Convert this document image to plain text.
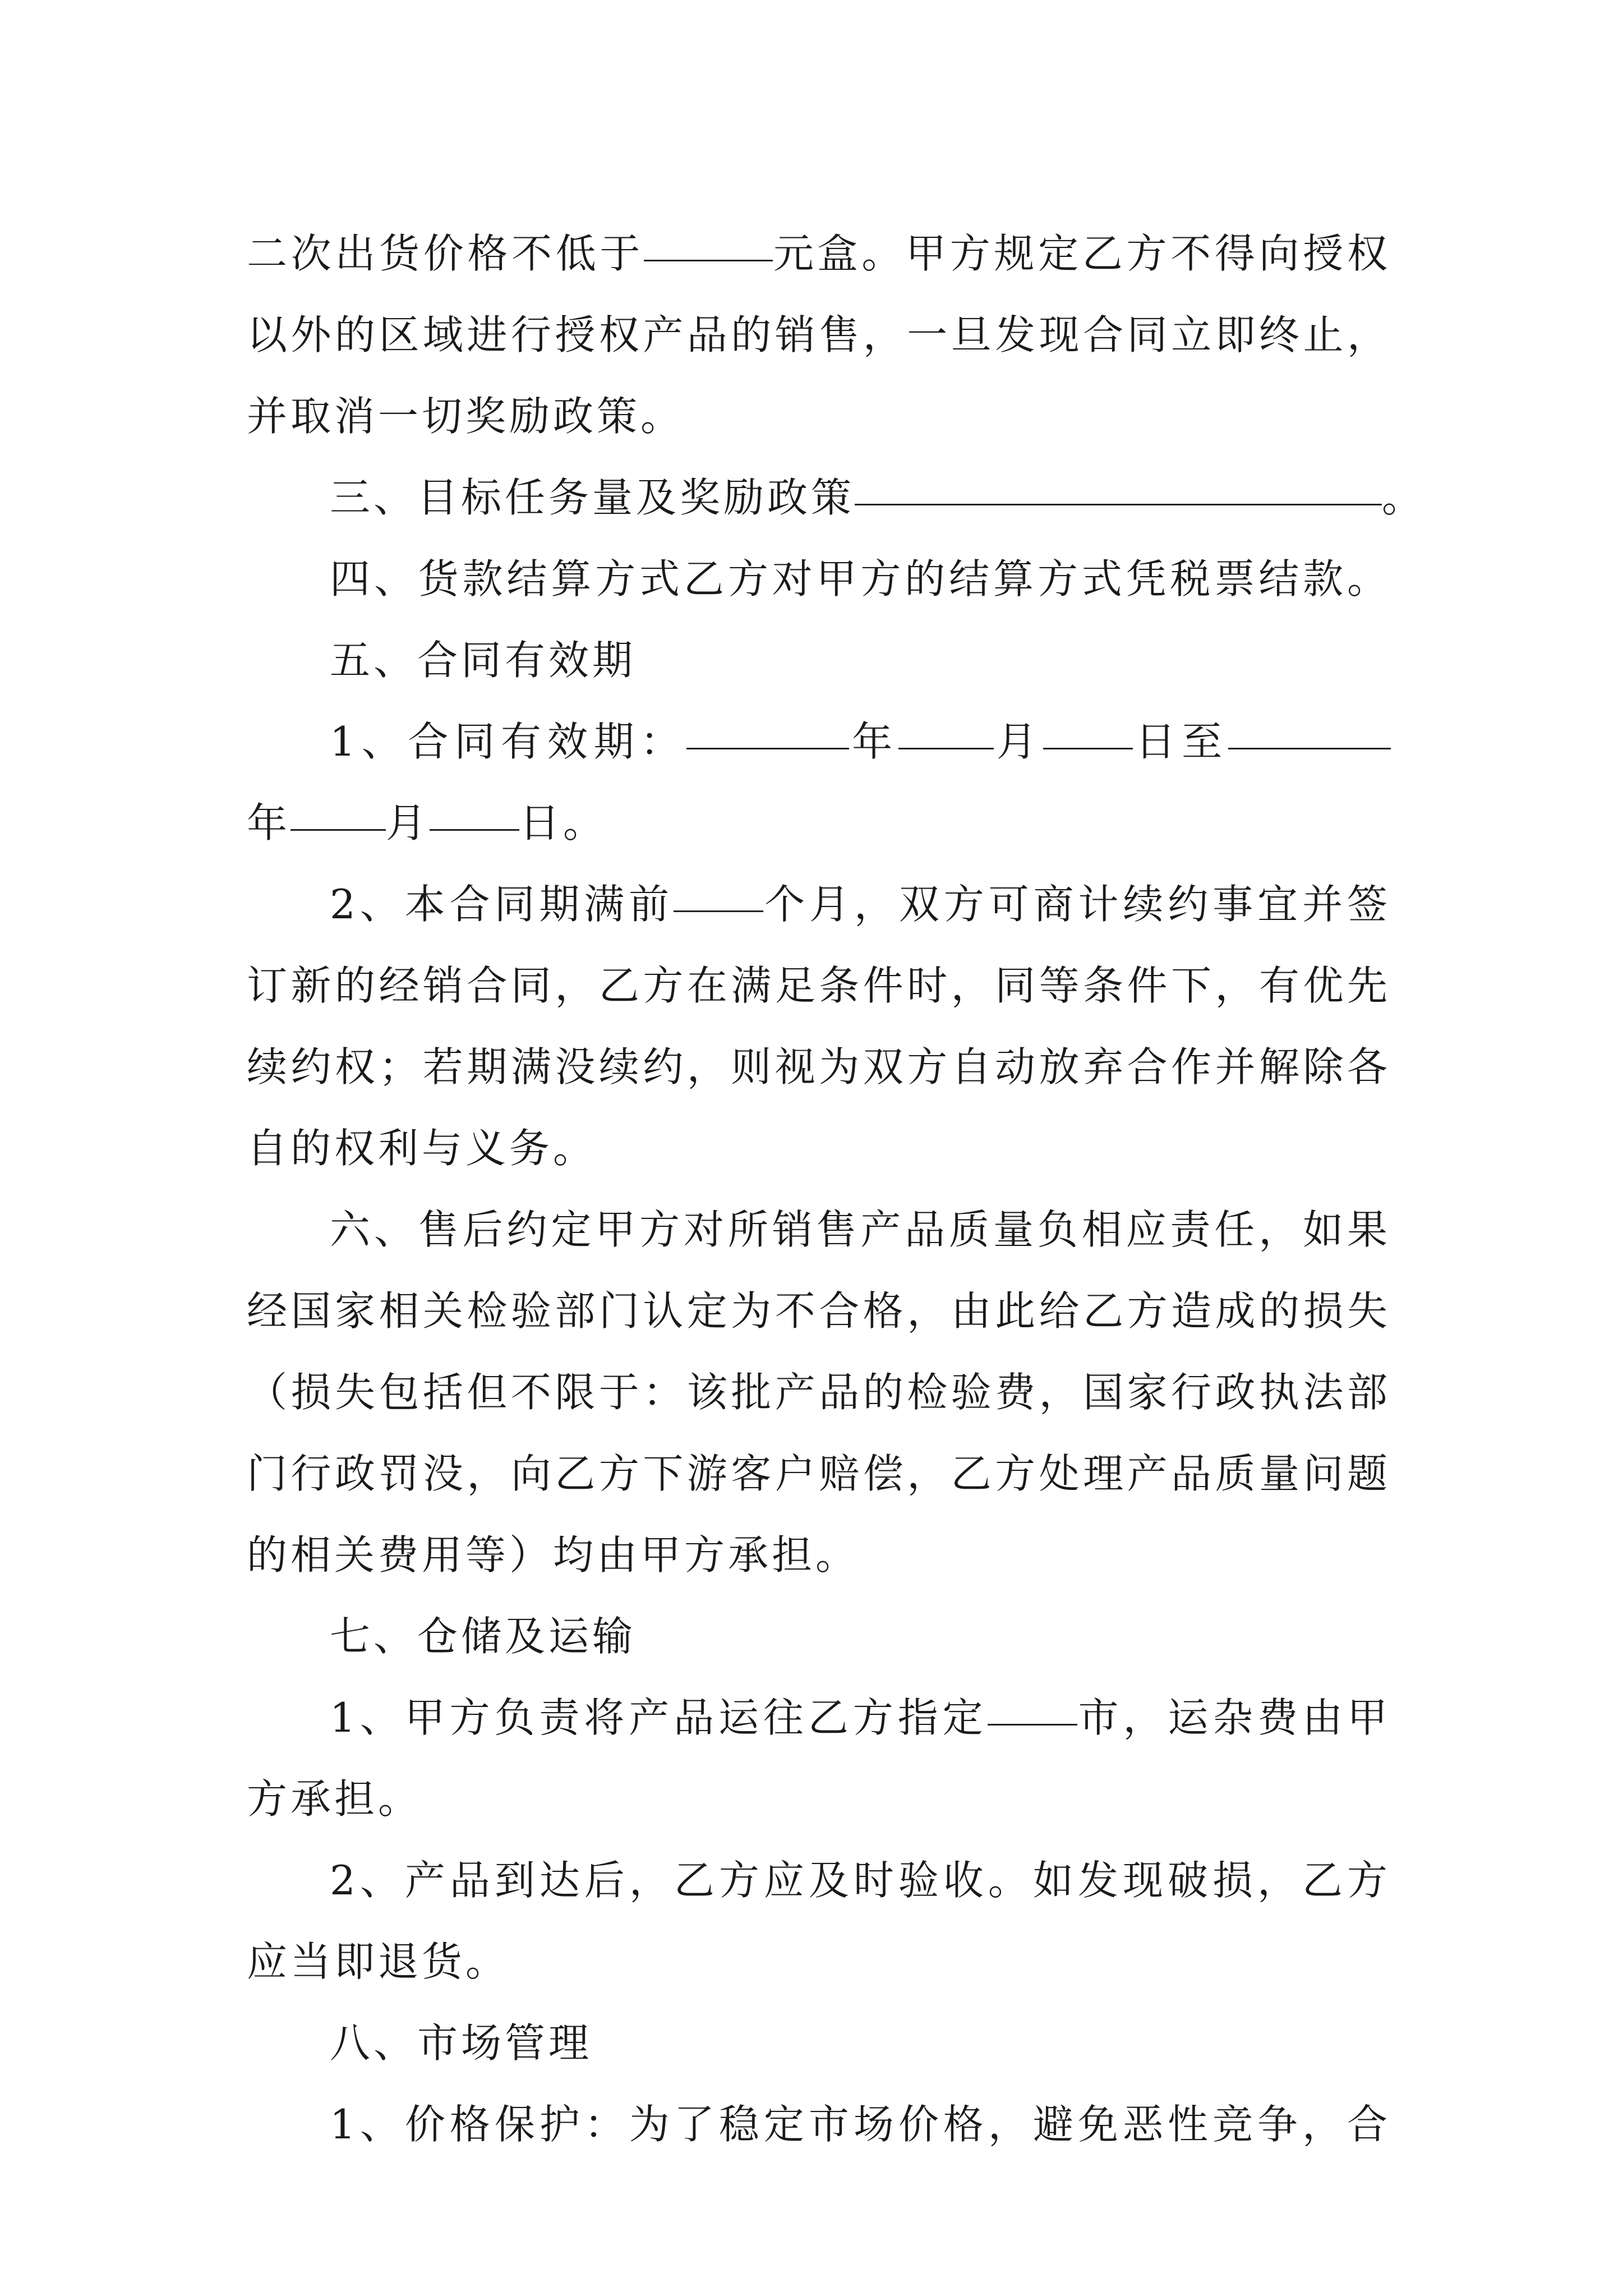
二次出货价格不低于	元盒。甲方规定乙方不得向授权
以外的区域进行授权产品的销售，一旦发现合同立即终止，
并取消一切奖励政策。
三、目标任务量及奖励政策	。
四、货款结算方式乙方对甲方的结算方式凭税票结款。
五、合同有效期
1、合同有效期：	年 月 日至
年 月 日。
2、本合同期满前 个月，双方可商计续约事宜并签
订新的经销合同，乙方在满足条件时，同等条件下，有优先
续约权；若期满没续约，则视为双方自动放弃合作并解除各
自的权利与义务。
六、售后约定甲方对所销售产品质量负相应责任，如果
经国家相关检验部门认定为不合格，由此给乙方造成的损失
（损失包括但不限于：该批产品的检验费，国家行政执法部
门行政罚没，向乙方下游客户赔偿，乙方处理产品质量问题
的相关费用等）均由甲方承担。
七、仓储及运输
1、甲方负责将产品运往乙方指定 市，运杂费由甲
方承担。
2、产品到达后，乙方应及时验收。如发现破损，乙方
应当即退货。
八、市场管理
1、价格保护：为了稳定市场价格，避免恶性竞争，合
